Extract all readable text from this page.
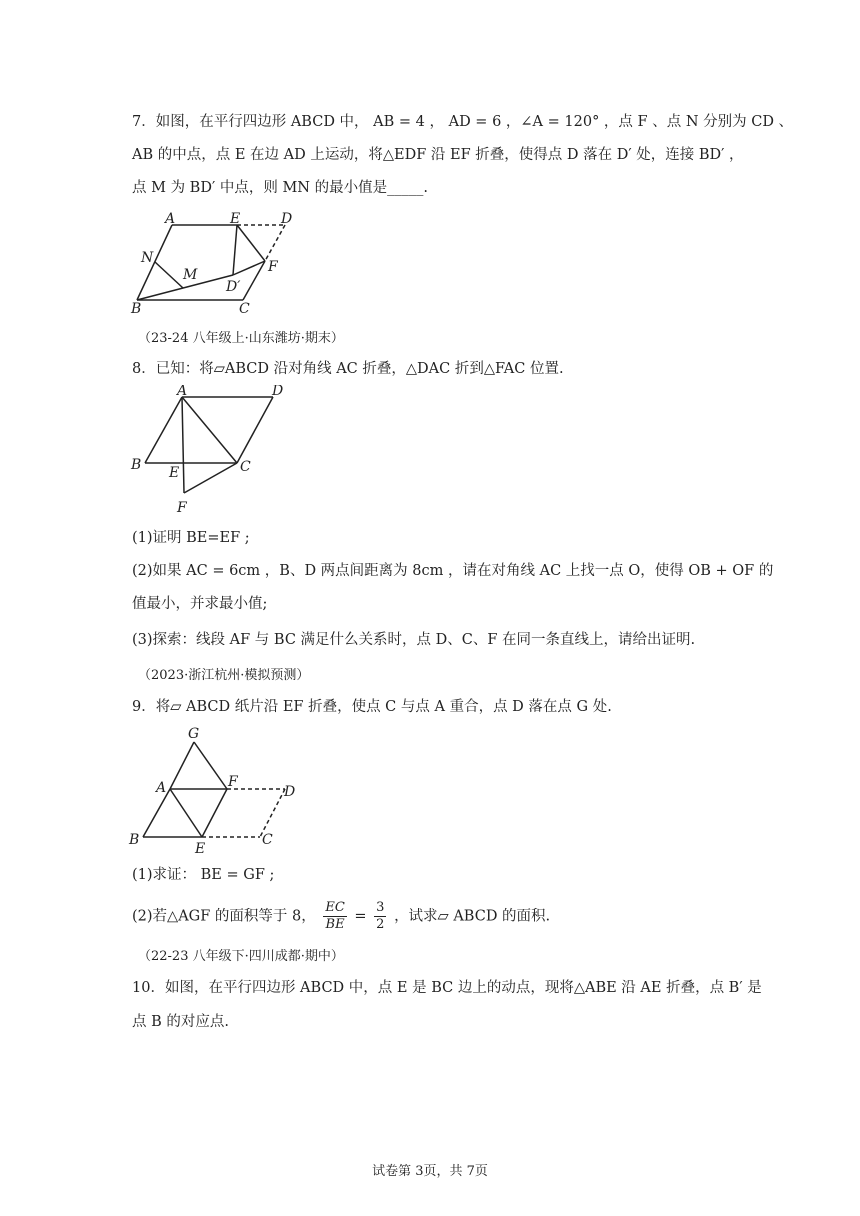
7．如图，在平行四边形 ABCD 中， AB = 4 ， AD = 6 ，∠A = 120° ，点 F 、点 N 分别为 CD 、
AB 的中点，点 E 在边 AD 上运动，将△EDF 沿 EF 折叠，使得点 D 落在 D′ 处，连接 BD′ ，
点 M 为 BD′ 中点，则 MN 的最小值是_____.
A	E	D
N
M
D′
F
B	C
（23-24 八年级上·山东潍坊·期末）
8．已知：将▱ABCD 沿对角线 AC 折叠，△DAC 折到△FAC 位置.
A	D
B E	C
F
(1)证明 BE=EF ;
(2)如果 AC = 6cm ，B、D 两点间距离为 8cm ，请在对角线 AC 上找一点 O，使得 OB + OF 的
值最小，并求最小值;
(3)探索：线段 AF 与 BC 满足什么关系时，点 D、C、F 在同一条直线上，请给出证明.
（2023·浙江杭州·模拟预测）
9．将▱ ABCD 纸片沿 EF 折叠，使点 C 与点 A 重合，点 D 落在点 G 处.
G
A	F
D
B
E
C
(1)求证： BE = GF ;
(2)若△AGF 的面积等于 8， $\frac{EC}{BE} = \frac{3}{2}$ ，试求▱ ABCD 的面积.
（22-23 八年级下·四川成都·期中）
10．如图，在平行四边形 ABCD 中，点 E 是 BC 边上的动点，现将△ABE 沿 AE 折叠，点 B′ 是
点 B 的对应点.
试卷第 3页，共 7页
